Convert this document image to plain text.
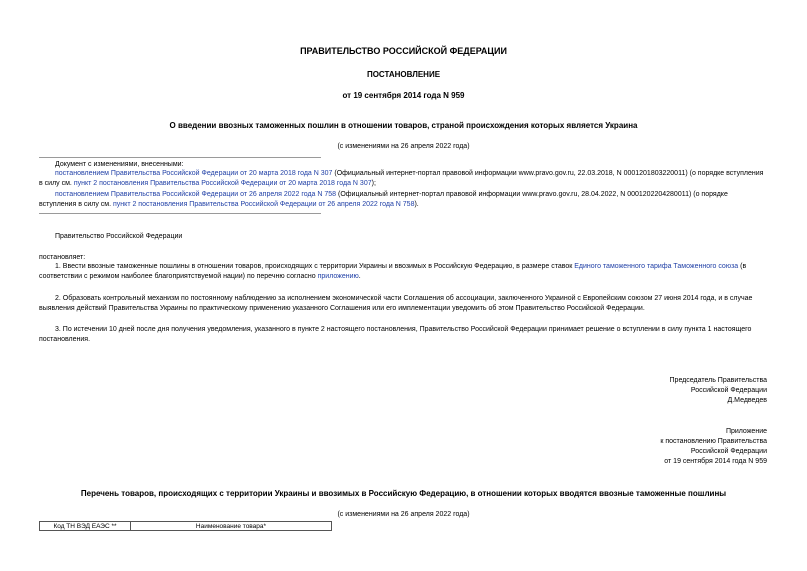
ПРАВИТЕЛЬСТВО РОССИЙСКОЙ ФЕДЕРАЦИИ
ПОСТАНОВЛЕНИЕ
от 19 сентября 2014 года N 959
О введении ввозных таможенных пошлин в отношении товаров, страной происхождения которых является Украина
(с изменениями на 26 апреля 2022 года)
Документ с изменениями, внесенными:
постановлением Правительства Российской Федерации от 20 марта 2018 года N 307 (Официальный интернет-портал правовой информации www.pravo.gov.ru, 22.03.2018, N 0001201803220011) (о порядке вступления в силу см. пункт 2 постановления Правительства Российской Федерации от 20 марта 2018 года N 307);
постановлением Правительства Российской Федерации от 26 апреля 2022 года N 758 (Официальный интернет-портал правовой информации www.pravo.gov.ru, 28.04.2022, N 0001202204280011) (о порядке вступления в силу см. пункт 2 постановления Правительства Российской Федерации от 26 апреля 2022 года N 758).
Правительство Российской Федерации
постановляет:
1. Ввести ввозные таможенные пошлины в отношении товаров, происходящих с территории Украины и ввозимых в Российскую Федерацию, в размере ставок Единого таможенного тарифа Таможенного союза (в соответствии с режимом наиболее благоприятствуемой нации) по перечню согласно приложению.
2. Образовать контрольный механизм по постоянному наблюдению за исполнением экономической части Соглашения об ассоциации, заключенного Украиной с Европейским союзом 27 июня 2014 года, и в случае выявления действий Правительства Украины по практическому применению указанного Соглашения или его имплементации уведомить об этом Правительство Российской Федерации.
3. По истечении 10 дней после дня получения уведомления, указанного в пункте 2 настоящего постановления, Правительство Российской Федерации принимает решение о вступлении в силу пункта 1 настоящего постановления.
Председатель Правительства
Российской Федерации
Д.Медведев
Приложение
к постановлению Правительства
Российской Федерации
от 19 сентября 2014 года N 959
Перечень товаров, происходящих с территории Украины и ввозимых в Российскую Федерацию, в отношении которых вводятся ввозные таможенные пошлины
(с изменениями на 26 апреля 2022 года)
Код ТН ВЭД ЕАЭС **	Наименование товара*
